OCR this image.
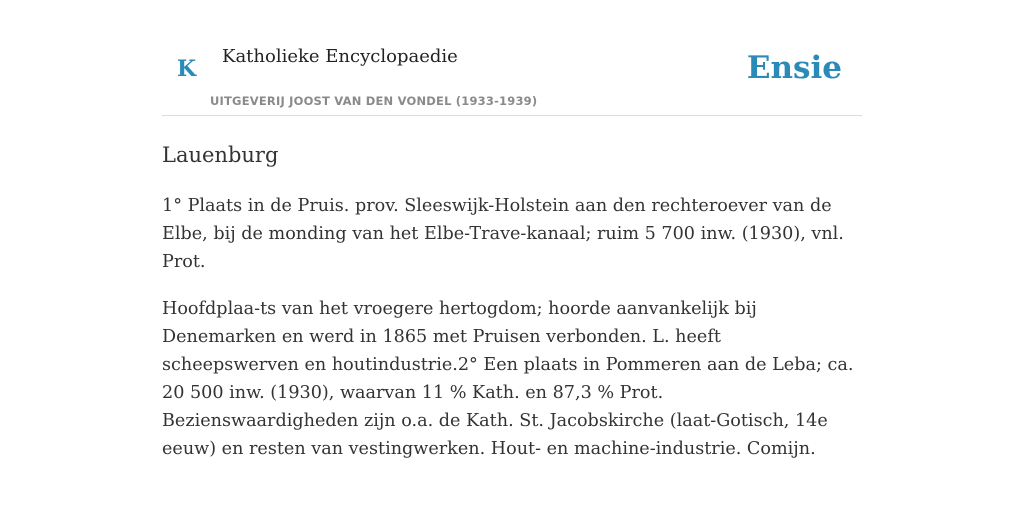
K Katholieke Encyclopaedie
UITGEVERIJ JOOST VAN DEN VONDEL (1933-1939)
Ensie
Lauenburg

1° Plaats in de Pruis. prov. Sleeswijk-Holstein aan den rechteroever van de Elbe, bij de monding van het Elbe-Trave-kanaal; ruim 5 700 inw. (1930), vnl. Prot.

Hoofdplaa-ts van het vroegere hertogdom; hoorde aanvankelijk bij Denemarken en werd in 1865 met Pruisen verbonden. L. heeft scheepswerven en houtindustrie.2° Een plaats in Pommeren aan de Leba; ca. 20 500 inw. (1930), waarvan 11 % Kath. en 87,3 % Prot. Bezienswaardigheden zijn o.a. de Kath. St. Jacobskirche (laat-Gotisch, 14e eeuw) en resten van vestingwerken. Hout- en machine-industrie. Comijn.
